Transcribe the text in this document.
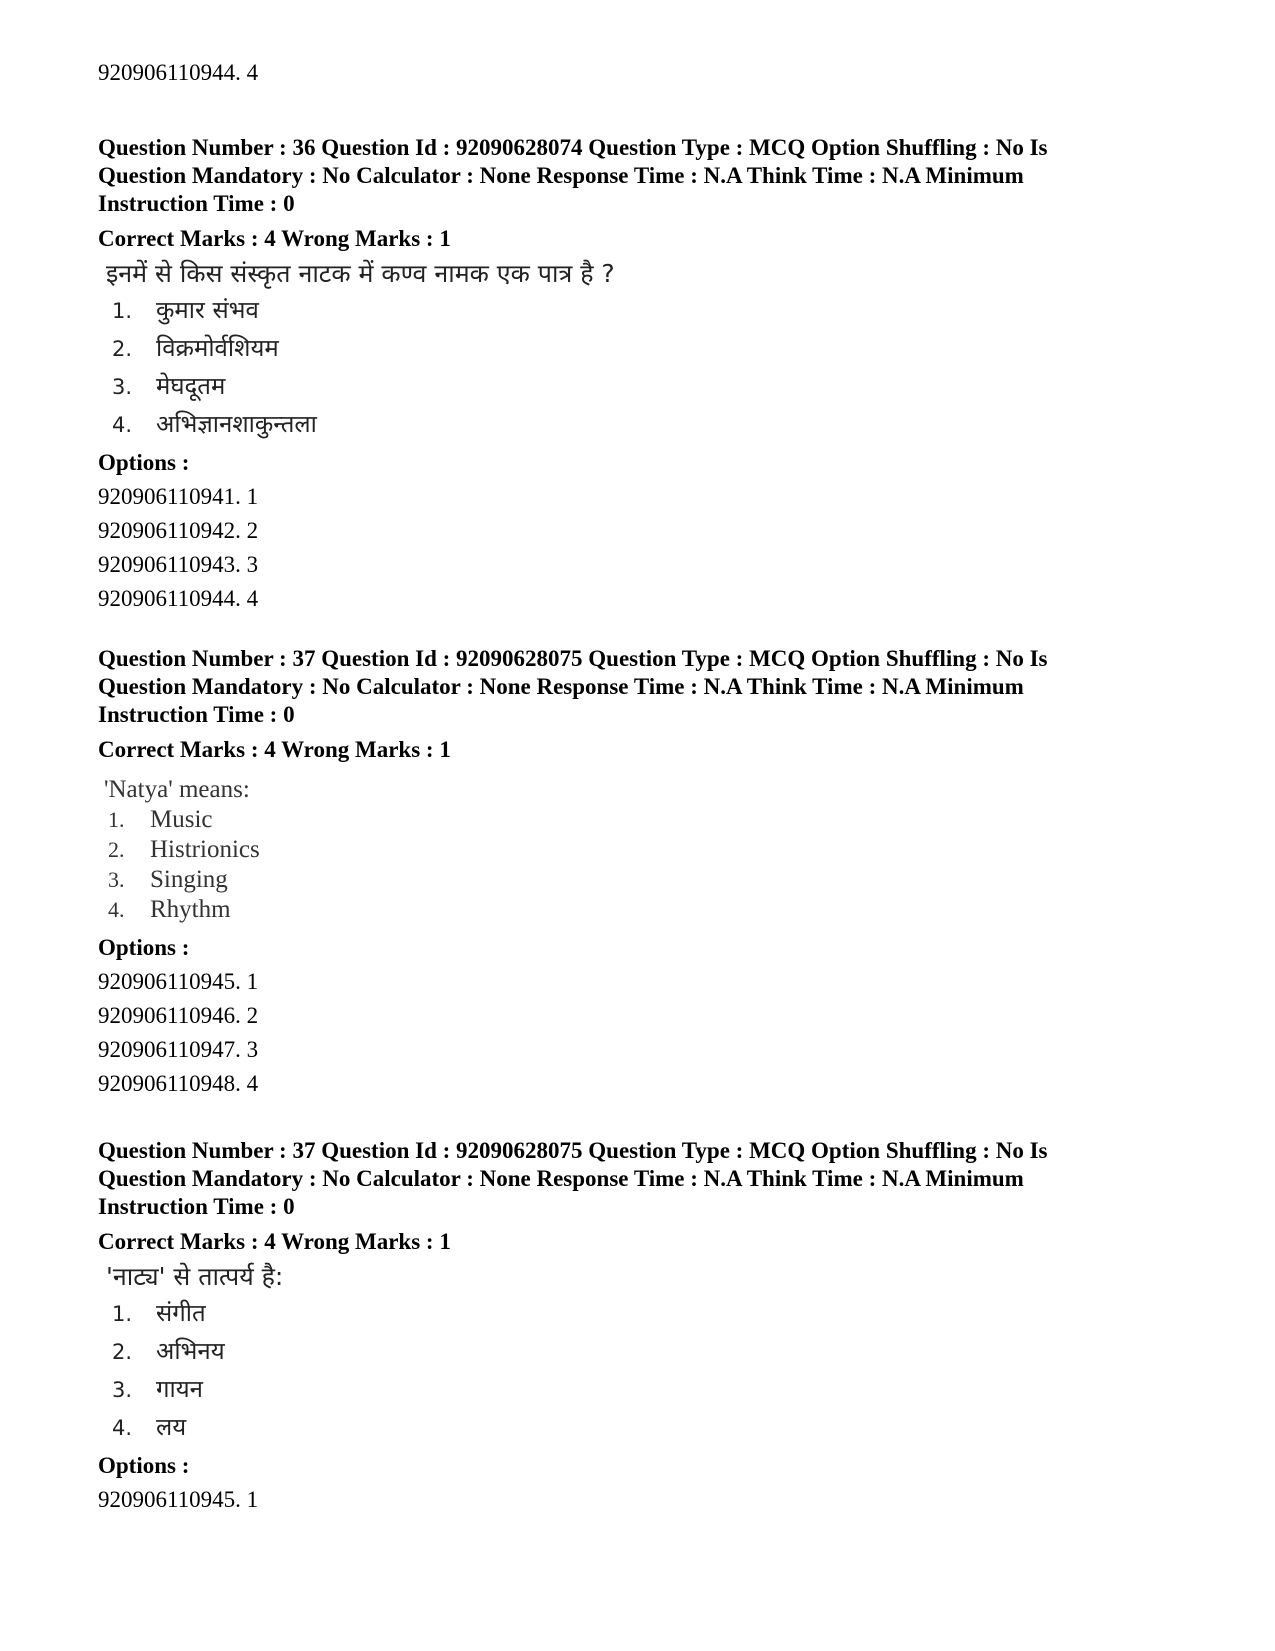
920906110944. 4

Question Number : 36 Question Id : 92090628074 Question Type : MCQ Option Shuffling : No Is Question Mandatory : No Calculator : None Response Time : N.A Think Time : N.A Minimum Instruction Time : 0

Correct Marks : 4 Wrong Marks : 1
इनमें से किस संस्कृत नाटक में कण्व नामक एक पात्र है ?
1. कुमार संभव
2. विक्रमोर्वशियम
3. मेघदूतम
4. अभिज्ञानशाकुन्तला
Options :
920906110941. 1
920906110942. 2
920906110943. 3
920906110944. 4

Question Number : 37 Question Id : 92090628075 Question Type : MCQ Option Shuffling : No Is Question Mandatory : No Calculator : None Response Time : N.A Think Time : N.A Minimum Instruction Time : 0

Correct Marks : 4 Wrong Marks : 1
'Natya' means:
1. Music
2. Histrionics
3. Singing
4. Rhythm
Options :
920906110945. 1
920906110946. 2
920906110947. 3
920906110948. 4

Question Number : 37 Question Id : 92090628075 Question Type : MCQ Option Shuffling : No Is Question Mandatory : No Calculator : None Response Time : N.A Think Time : N.A Minimum Instruction Time : 0

Correct Marks : 4 Wrong Marks : 1
'नाट्य' से तात्पर्य है:
1. संगीत
2. अभिनय
3. गायन
4. लय
Options :
920906110945. 1
